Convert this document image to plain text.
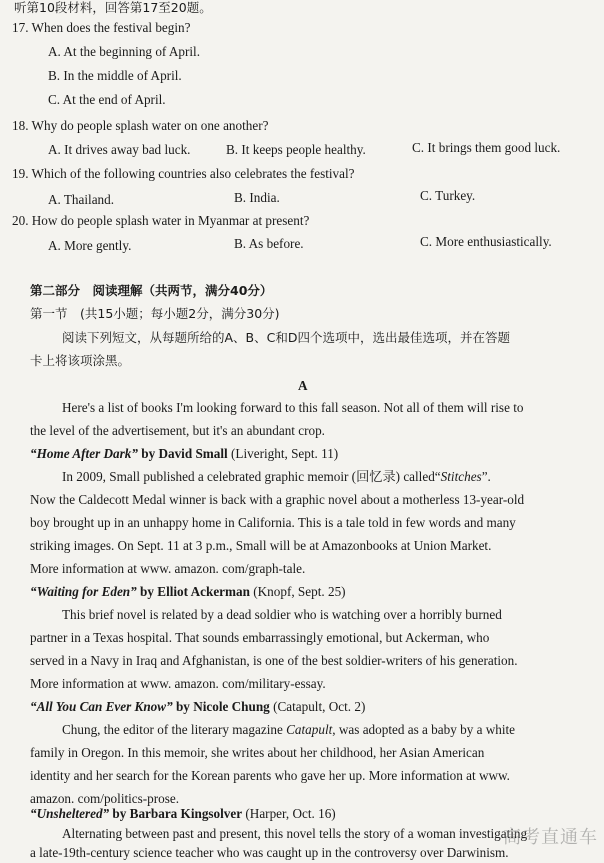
听第10段材料，回答第17至20题。
17. When does the festival begin?
A. At the beginning of April.
B. In the middle of April.
C. At the end of April.
18. Why do people splash water on one another?
A. It drives away bad luck.	B. It keeps people healthy.	C. It brings them good luck.
19. Which of the following countries also celebrates the festival?
A. Thailand.	B. India.	C. Turkey.
20. How do people splash water in Myanmar at present?
A. More gently.	B. As before.	C. More enthusiastically.
第二部分　阅读理解（共两节，满分40分）
第一节　(共15小题；每小题2分，满分30分)
阅读下列短文，从每题所给的A、B、C和D四个选项中，选出最佳选项，并在答题
卡上将该项涂黑。
A
Here's a list of books I'm looking forward to this fall season. Not all of them will rise to
the level of the advertisement, but it's an abundant crop.
“Home After Dark” by David Small (Liveright, Sept. 11)
In 2009, Small published a celebrated graphic memoir (回忆录) called“Stitches”.
Now the Caldecott Medal winner is back with a graphic novel about a motherless 13-year-old
boy brought up in an unhappy home in California. This is a tale told in few words and many
striking images. On Sept. 11 at 3 p.m., Small will be at Amazonbooks at Union Market.
More information at www. amazon. com/graph-tale.
“Waiting for Eden” by Elliot Ackerman (Knopf, Sept. 25)
This brief novel is related by a dead soldier who is watching over a horribly burned
partner in a Texas hospital. That sounds embarrassingly emotional, but Ackerman, who
served in a Navy in Iraq and Afghanistan, is one of the best soldier-writers of his generation.
More information at www. amazon. com/military-essay.
“All You Can Ever Know” by Nicole Chung (Catapult, Oct. 2)
Chung, the editor of the literary magazine Catapult, was adopted as a baby by a white
family in Oregon. In this memoir, she writes about her childhood, her Asian American
identity and her search for the Korean parents who gave her up. More information at www.
amazon. com/politics-prose.
“Unsheltered” by Barbara Kingsolver (Harper, Oct. 16)
Alternating between past and present, this novel tells the story of a woman investigating
a late-19th-century science teacher who was caught up in the controversy over Darwinism.
高考直通车
